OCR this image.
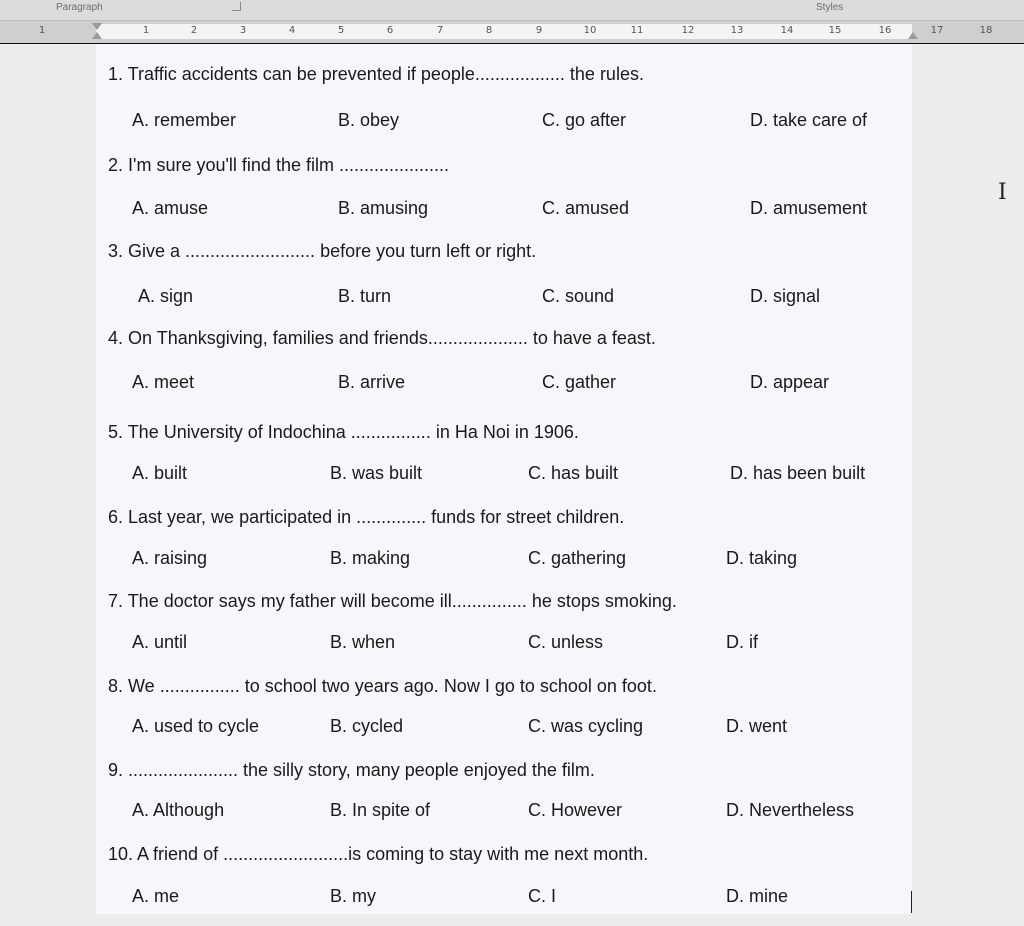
Paragraph	Styles
1	1	2	3	4	5	6	7	8	9	10	11	12	13	14	15	16	17	18
1. Traffic accidents can be prevented if people.................. the rules.
A. remember	B. obey	C. go after	D. take care of
2. I'm sure you'll find the film ......................
A. amuse	B. amusing	C. amused	D. amusement
3. Give a .......................... before you turn left or right.
A. sign	B. turn	C. sound	D. signal
4. On Thanksgiving, families and friends.................... to have a feast.
A. meet	B. arrive	C. gather	D. appear
5. The University of Indochina ................ in Ha Noi in 1906.
A. built	B. was built	C. has built	D. has been built
6. Last year, we participated in .............. funds for street children.
A. raising	B. making	C. gathering	D. taking
7. The doctor says my father will become ill............... he stops smoking.
A. until	B. when	C. unless	D. if
8. We ................ to school two years ago. Now I go to school on foot.
A. used to cycle	B. cycled	C. was cycling	D. went
9. ...................... the silly story, many people enjoyed the film.
A. Although	B. In spite of	C. However	D. Nevertheless
10. A friend of .........................is coming to stay with me next month.
A. me	B. my	C. I	D. mine
I
